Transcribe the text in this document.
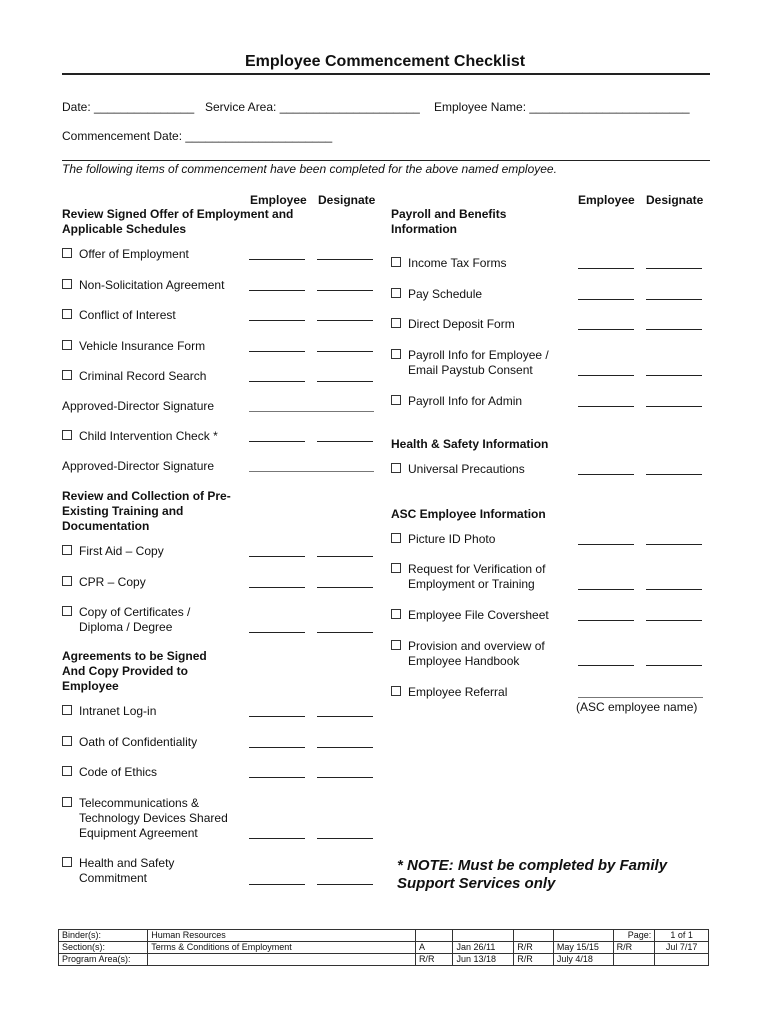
Employee Commencement Checklist
Date: _______________ Service Area: _____________________ Employee Name: ________________________
Commencement Date: ______________________
The following items of commencement have been completed for the above named employee.
Employee Designate	Employee Designate
Review Signed Offer of Employment and Applicable Schedules
Offer of Employment
Non-Solicitation Agreement
Conflict of Interest
Vehicle Insurance Form
Criminal Record Search
Approved-Director Signature
Child Intervention Check *
Approved-Director Signature
Review and Collection of Pre-Existing Training and Documentation
First Aid – Copy
CPR – Copy
Copy of Certificates /
Diploma / Degree
Agreements to be Signed And Copy Provided to Employee
Intranet Log-in
Oath of Confidentiality
Code of Ethics
Telecommunications &
Technology Devices Shared
Equipment Agreement
Health and Safety
Commitment
Payroll and Benefits Information
Income Tax Forms
Pay Schedule
Direct Deposit Form
Payroll Info for Employee /
Email Paystub Consent
Payroll Info for Admin
Health & Safety Information
Universal Precautions
ASC Employee Information
Picture ID Photo
Request for Verification of
Employment or Training
Employee File Coversheet
Provision and overview of
Employee Handbook
Employee Referral
(ASC employee name)
* NOTE: Must be completed by Family Support Services only
Binder(s):	Human Resources					Page:	1 of 1
Section(s):	Terms & Conditions of Employment	A	Jan 26/11	R/R	May 15/15	R/R	Jul 7/17
Program Area(s):		R/R	Jun 13/18	R/R	July 4/18		
